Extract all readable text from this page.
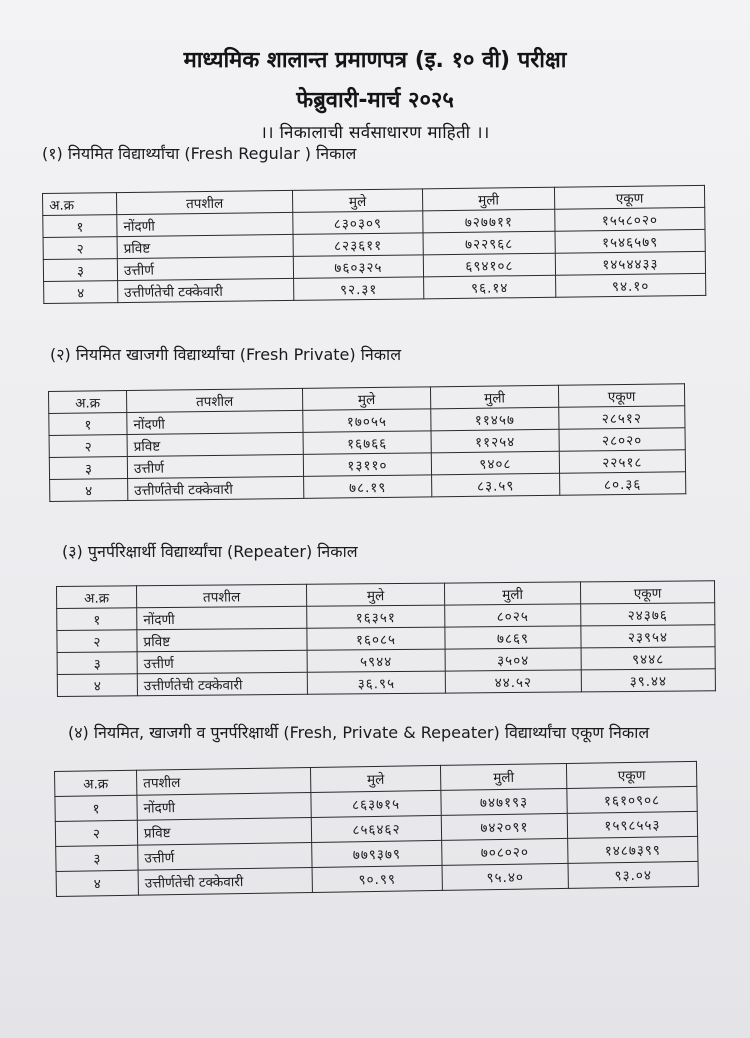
माध्यमिक शालान्त प्रमाणपत्र (इ. १० वी) परीक्षा
फेब्रुवारी-मार्च २०२५
।। निकालाची सर्वसाधारण माहिती ।।
(१) नियमित विद्यार्थ्यांचा (Fresh Regular ) निकाल
अ.क्र	तपशील	मुले	मुली	एकूण
१	नोंदणी	८३०३०९	७२७७११	१५५८०२०
२	प्रविष्ट	८२३६११	७२२९६८	१५४६५७९
३	उत्तीर्ण	७६०३२५	६९४१०८	१४५४४३३
४	उत्तीर्णतेची टक्केवारी	९२.३१	९६.१४	९४.१०
(२) नियमित खाजगी विद्यार्थ्यांचा (Fresh Private) निकाल
अ.क्र	तपशील	मुले	मुली	एकूण
१	नोंदणी	१७०५५	११४५७	२८५१२
२	प्रविष्ट	१६७६६	११२५४	२८०२०
३	उत्तीर्ण	१३११०	९४०८	२२५१८
४	उत्तीर्णतेची टक्केवारी	७८.१९	८३.५९	८०.३६
(३) पुनर्परिक्षार्थी विद्यार्थ्यांचा (Repeater) निकाल
अ.क्र	तपशील	मुले	मुली	एकूण
१	नोंदणी	१६३५१	८०२५	२४३७६
२	प्रविष्ट	१६०८५	७८६९	२३९५४
३	उत्तीर्ण	५९४४	३५०४	९४४८
४	उत्तीर्णतेची टक्केवारी	३६.९५	४४.५२	३९.४४
(४) नियमित, खाजगी व पुनर्परिक्षार्थी (Fresh, Private & Repeater) विद्यार्थ्यांचा एकूण निकाल
अ.क्र	तपशील	मुले	मुली	एकूण
१	नोंदणी	८६३७१५	७४७१९३	१६१०९०८
२	प्रविष्ट	८५६४६२	७४२०९१	१५९८५५३
३	उत्तीर्ण	७७९३७९	७०८०२०	१४८७३९९
४	उत्तीर्णतेची टक्केवारी	९०.९९	९५.४०	९३.०४
